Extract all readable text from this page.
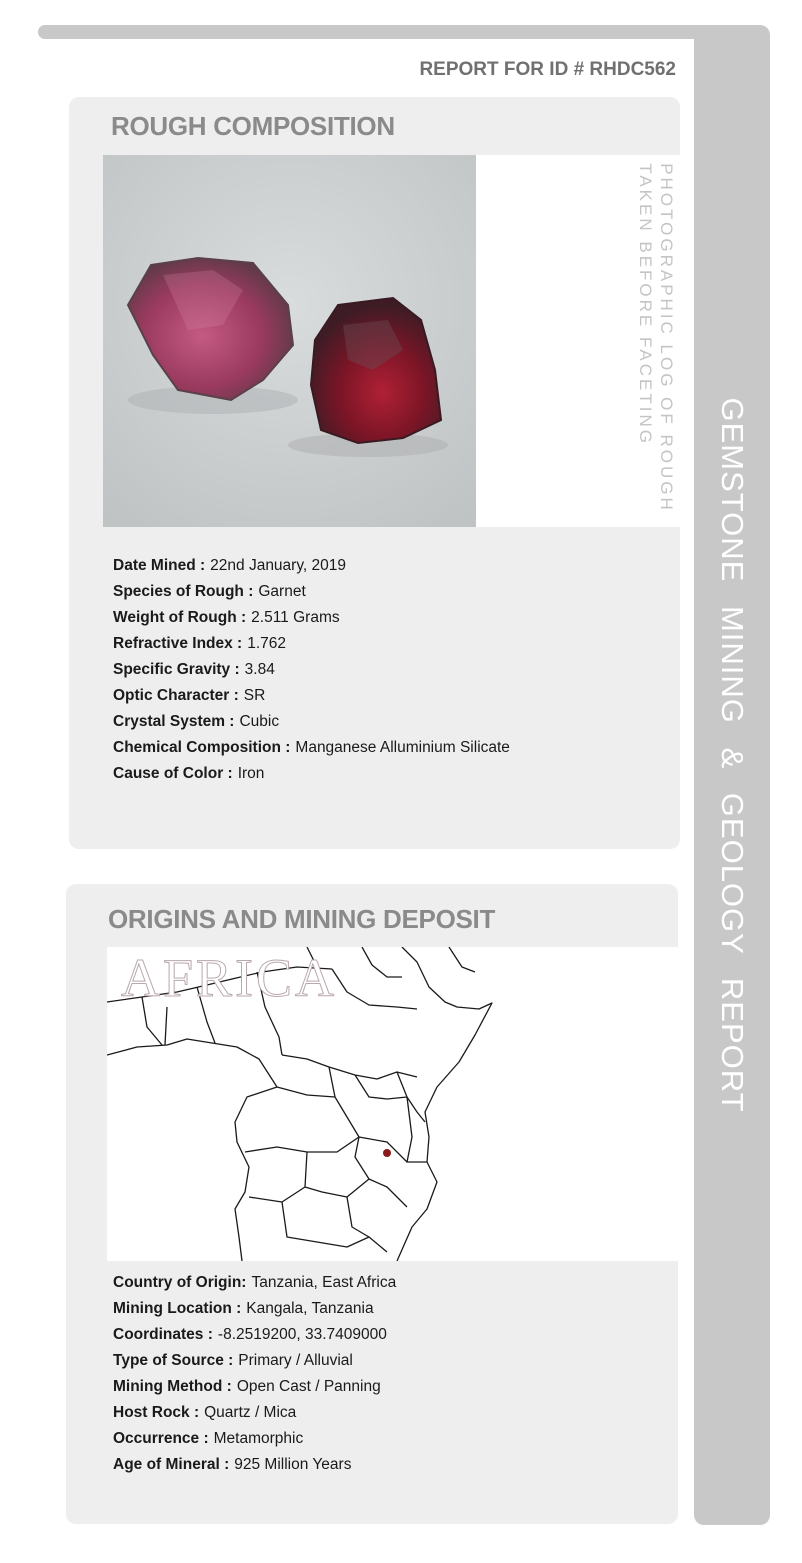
GEMSTONE MINING & GEOLOGY REPORT
REPORT FOR ID # RHDC562
ROUGH COMPOSITION
PHOTOGRAPHIC LOG OF ROUGH
TAKEN BEFORE FACETING
Date Mined : 22nd January, 2019
Species of Rough : Garnet
Weight of Rough : 2.511 Grams
Refractive Index : 1.762
Specific Gravity : 3.84
Optic Character : SR
Crystal System : Cubic
Chemical Composition : Manganese Alluminium Silicate
Cause of Color : Iron
ORIGINS AND MINING DEPOSIT
AFRICA
Country of Origin: Tanzania, East Africa
Mining Location : Kangala, Tanzania
Coordinates : -8.2519200, 33.7409000
Type of Source : Primary / Alluvial
Mining Method : Open Cast / Panning
Host Rock : Quartz / Mica
Occurrence : Metamorphic
Age of Mineral : 925 Million Years
